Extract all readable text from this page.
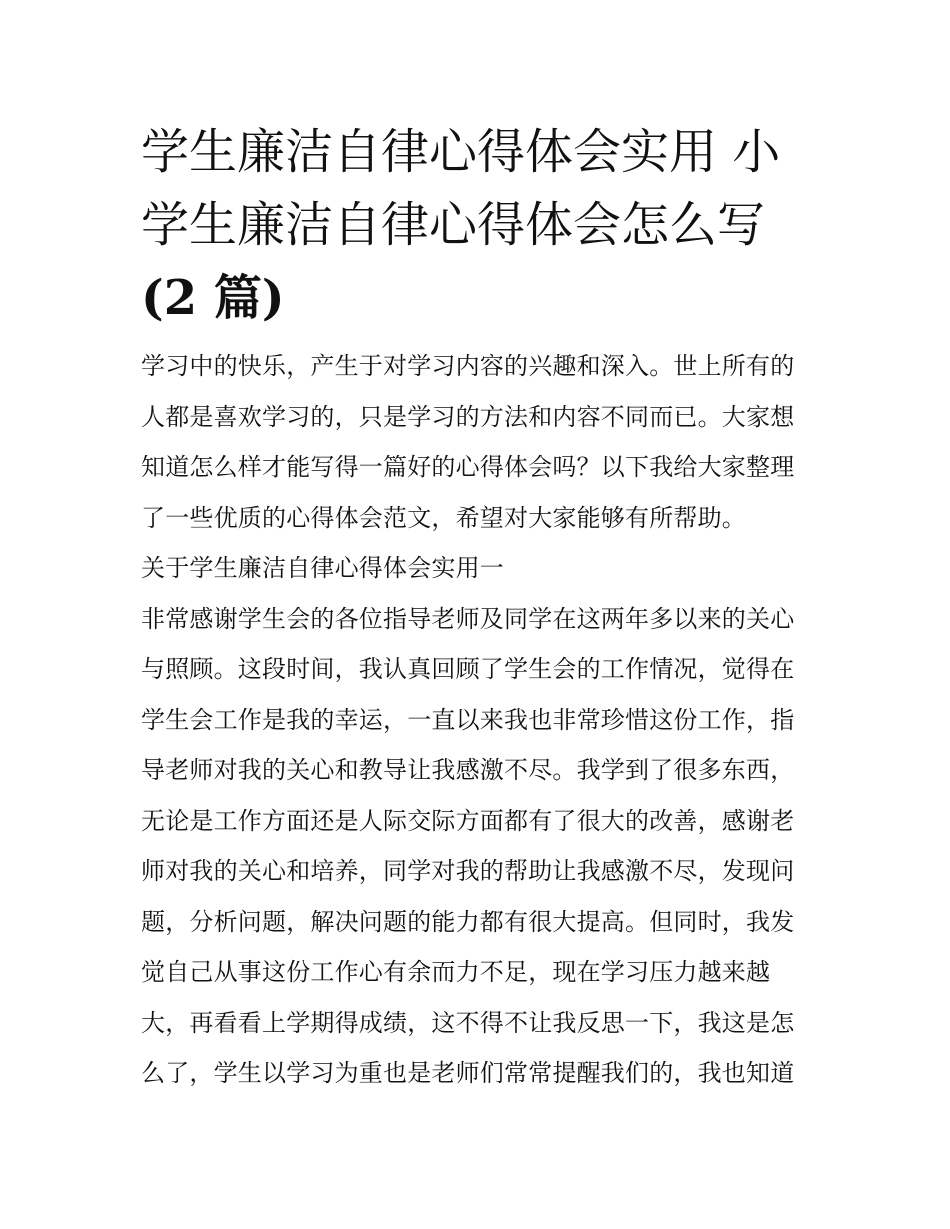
学生廉洁自律心得体会实用 小
学生廉洁自律心得体会怎么写
(2 篇)
学习中的快乐，产生于对学习内容的兴趣和深入。世上所有的
人都是喜欢学习的，只是学习的方法和内容不同而已。大家想
知道怎么样才能写得一篇好的心得体会吗？以下我给大家整理
了一些优质的心得体会范文，希望对大家能够有所帮助。
关于学生廉洁自律心得体会实用一
非常感谢学生会的各位指导老师及同学在这两年多以来的关心
与照顾。这段时间，我认真回顾了学生会的工作情况，觉得在
学生会工作是我的幸运，一直以来我也非常珍惜这份工作，指
导老师对我的关心和教导让我感激不尽。我学到了很多东西，
无论是工作方面还是人际交际方面都有了很大的改善，感谢老
师对我的关心和培养，同学对我的帮助让我感激不尽，发现问
题，分析问题，解决问题的能力都有很大提高。但同时，我发
觉自己从事这份工作心有余而力不足，现在学习压力越来越
大，再看看上学期得成绩，这不得不让我反思一下，我这是怎
么了，学生以学习为重也是老师们常常提醒我们的，我也知道
